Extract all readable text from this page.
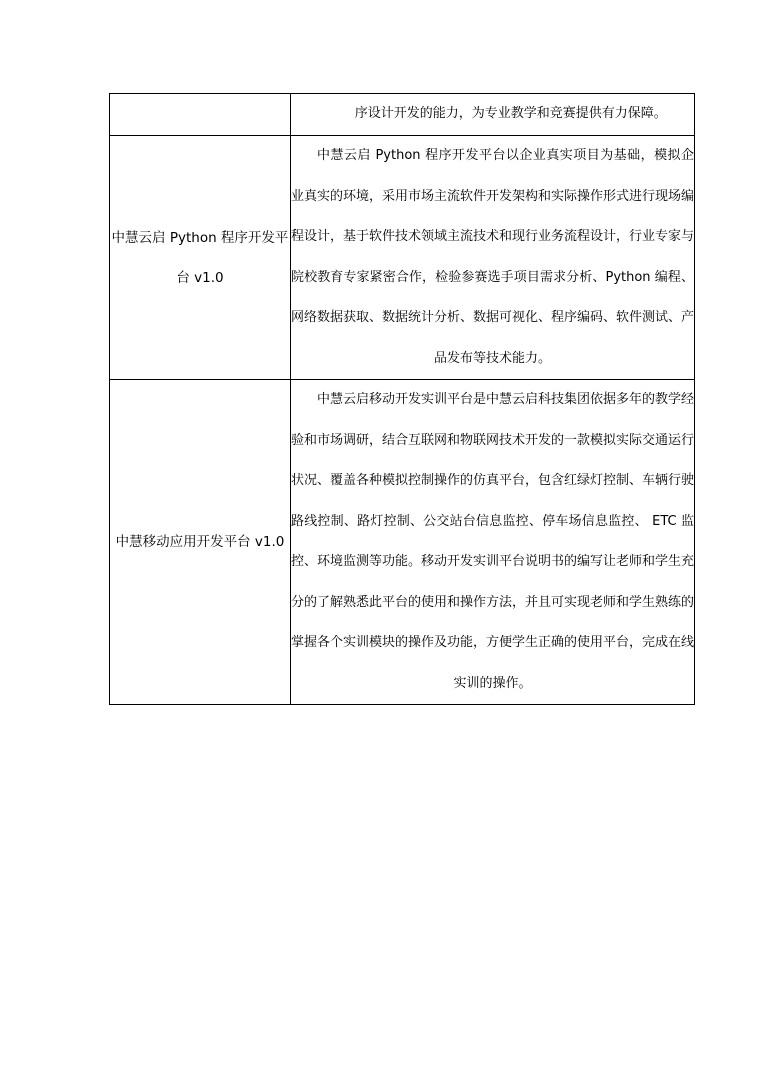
	序设计开发的能力，为专业教学和竞赛提供有力保障。

中慧云启 Python 程序开发平台 v1.0	中慧云启 Python 程序开发平台以企业真实项目为基础，模拟企业真实的环境，采用市场主流软件开发架构和实际操作形式进行现场编程设计，基于软件技术领域主流技术和现行业务流程设计，行业专家与院校教育专家紧密合作，检验参赛选手项目需求分析、Python 编程、网络数据获取、数据统计分析、数据可视化、程序编码、软件测试、产品发布等技术能力。

中慧移动应用开发平台 v1.0	中慧云启移动开发实训平台是中慧云启科技集团依据多年的教学经验和市场调研，结合互联网和物联网技术开发的一款模拟实际交通运行状况、覆盖各种模拟控制操作的仿真平台，包含红绿灯控制、车辆行驶路线控制、路灯控制、公交站台信息监控、停车场信息监控、 ETC 监控、环境监测等功能。移动开发实训平台说明书的编写让老师和学生充分的了解熟悉此平台的使用和操作方法，并且可实现老师和学生熟练的掌握各个实训模块的操作及功能，方便学生正确的使用平台，完成在线实训的操作。
